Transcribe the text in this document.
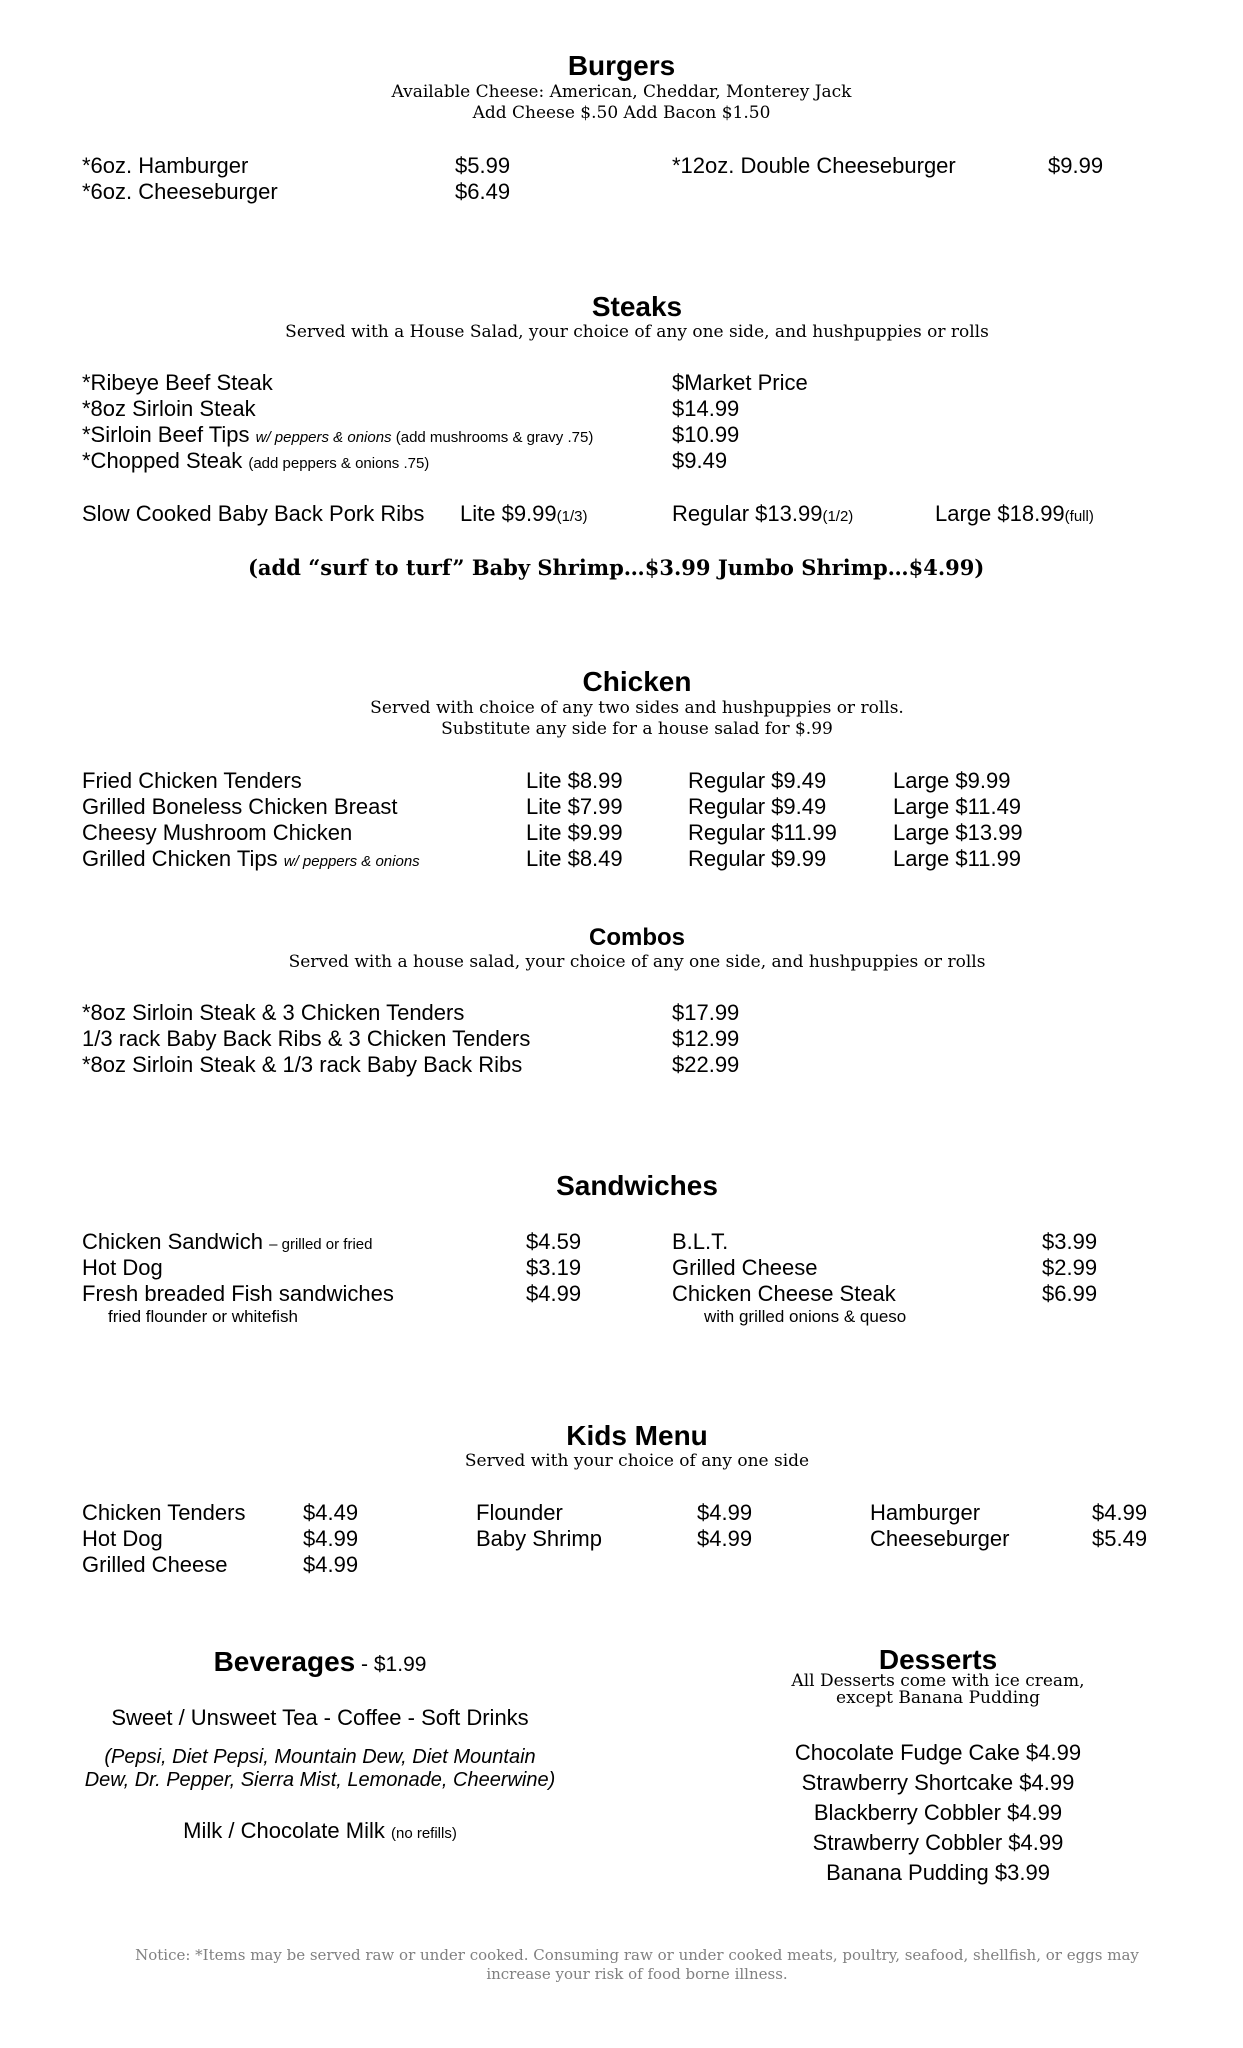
Burgers
Available Cheese: American, Cheddar, Monterey Jack
Add Cheese $.50 Add Bacon $1.50
*6oz. Hamburger	$5.99
*6oz. Cheeseburger	$6.49
*12oz. Double Cheeseburger	$9.99
Steaks
Served with a House Salad, your choice of any one side, and hushpuppies or rolls
*Ribeye Beef Steak	$Market Price
*8oz Sirloin Steak	$14.99
*Sirloin Beef Tips w/ peppers & onions (add mushrooms & gravy .75)	$10.99
*Chopped Steak (add peppers & onions .75)	$9.49
Slow Cooked Baby Back Pork Ribs Lite $9.99(1/3)	Regular $13.99(1/2)	Large $18.99(full)
(add “surf to turf” Baby Shrimp…$3.99 Jumbo Shrimp…$4.99)
Chicken
Served with choice of any two sides and hushpuppies or rolls.
Substitute any side for a house salad for $.99
Fried Chicken Tenders	Lite $8.99	Regular $9.49	Large $9.99
Grilled Boneless Chicken Breast	Lite $7.99	Regular $9.49	Large $11.49
Cheesy Mushroom Chicken	Lite $9.99	Regular $11.99	Large $13.99
Grilled Chicken Tips w/ peppers & onions	Lite $8.49	Regular $9.99	Large $11.99
Combos
Served with a house salad, your choice of any one side, and hushpuppies or rolls
*8oz Sirloin Steak & 3 Chicken Tenders	$17.99
1/3 rack Baby Back Ribs & 3 Chicken Tenders	$12.99
*8oz Sirloin Steak & 1/3 rack Baby Back Ribs	$22.99
Sandwiches
Chicken Sandwich – grilled or fried	$4.59
Hot Dog	$3.19
Fresh breaded Fish sandwiches	$4.99
fried flounder or whitefish
B.L.T.	$3.99
Grilled Cheese	$2.99
Chicken Cheese Steak	$6.99
with grilled onions & queso
Kids Menu
Served with your choice of any one side
Chicken Tenders	$4.49
Hot Dog	$4.99
Grilled Cheese	$4.99
Flounder	$4.99
Baby Shrimp	$4.99
Hamburger	$4.99
Cheeseburger	$5.49
Beverages - $1.99
Sweet / Unsweet Tea - Coffee - Soft Drinks
(Pepsi, Diet Pepsi, Mountain Dew, Diet Mountain
Dew, Dr. Pepper, Sierra Mist, Lemonade, Cheerwine)
Milk / Chocolate Milk (no refills)
Desserts
All Desserts come with ice cream,
except Banana Pudding
Chocolate Fudge Cake $4.99
Strawberry Shortcake $4.99
Blackberry Cobbler $4.99
Strawberry Cobbler $4.99
Banana Pudding $3.99
Notice: *Items may be served raw or under cooked. Consuming raw or under cooked meats, poultry, seafood, shellfish, or eggs may
increase your risk of food borne illness.
